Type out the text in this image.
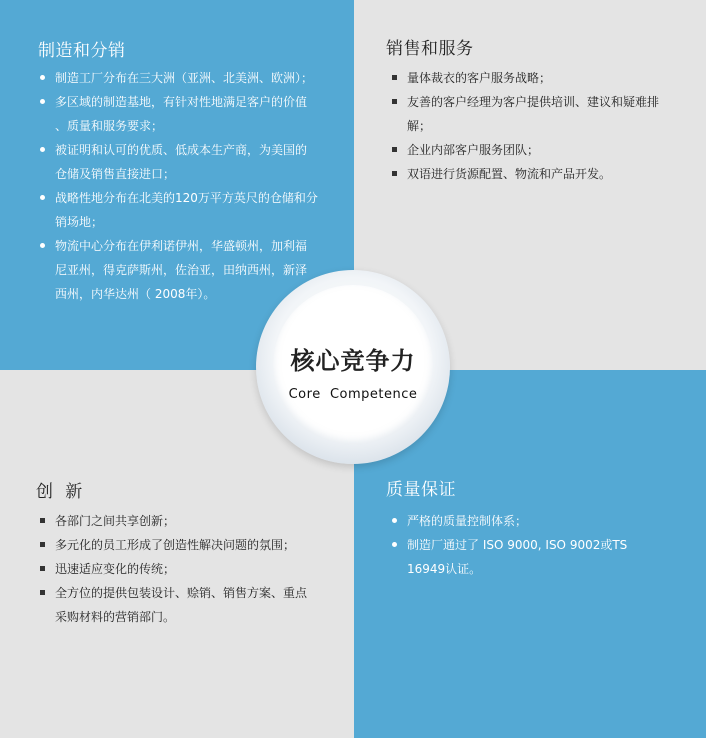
制造和分销
制造工厂分布在三大洲（亚洲、北美洲、欧洲）；
多区域的制造基地，有针对性地满足客户的价值
、质量和服务要求；
被证明和认可的优质、低成本生产商，为美国的
仓储及销售直接进口；
战略性地分布在北美的120万平方英尺的仓储和分
销场地；
物流中心分布在伊利诺伊州，华盛顿州，加利福
尼亚州，得克萨斯州，佐治亚，田纳西州，新泽
西州，内华达州（ 2008年）。
销售和服务
量体裁衣的客户服务战略；
友善的客户经理为客户提供培训、建议和疑难排
解；
企业内部客户服务团队；
双语进行货源配置、物流和产品开发。
创  新
各部门之间共享创新；
多元化的员工形成了创造性解决问题的氛围；
迅速适应变化的传统；
全方位的提供包装设计、赊销、销售方案、重点
采购材料的营销部门。
质量保证
严格的质量控制体系；
制造厂通过了 ISO 9000, ISO 9002或TS
16949认证。
核心竞争力
Core  Competence
